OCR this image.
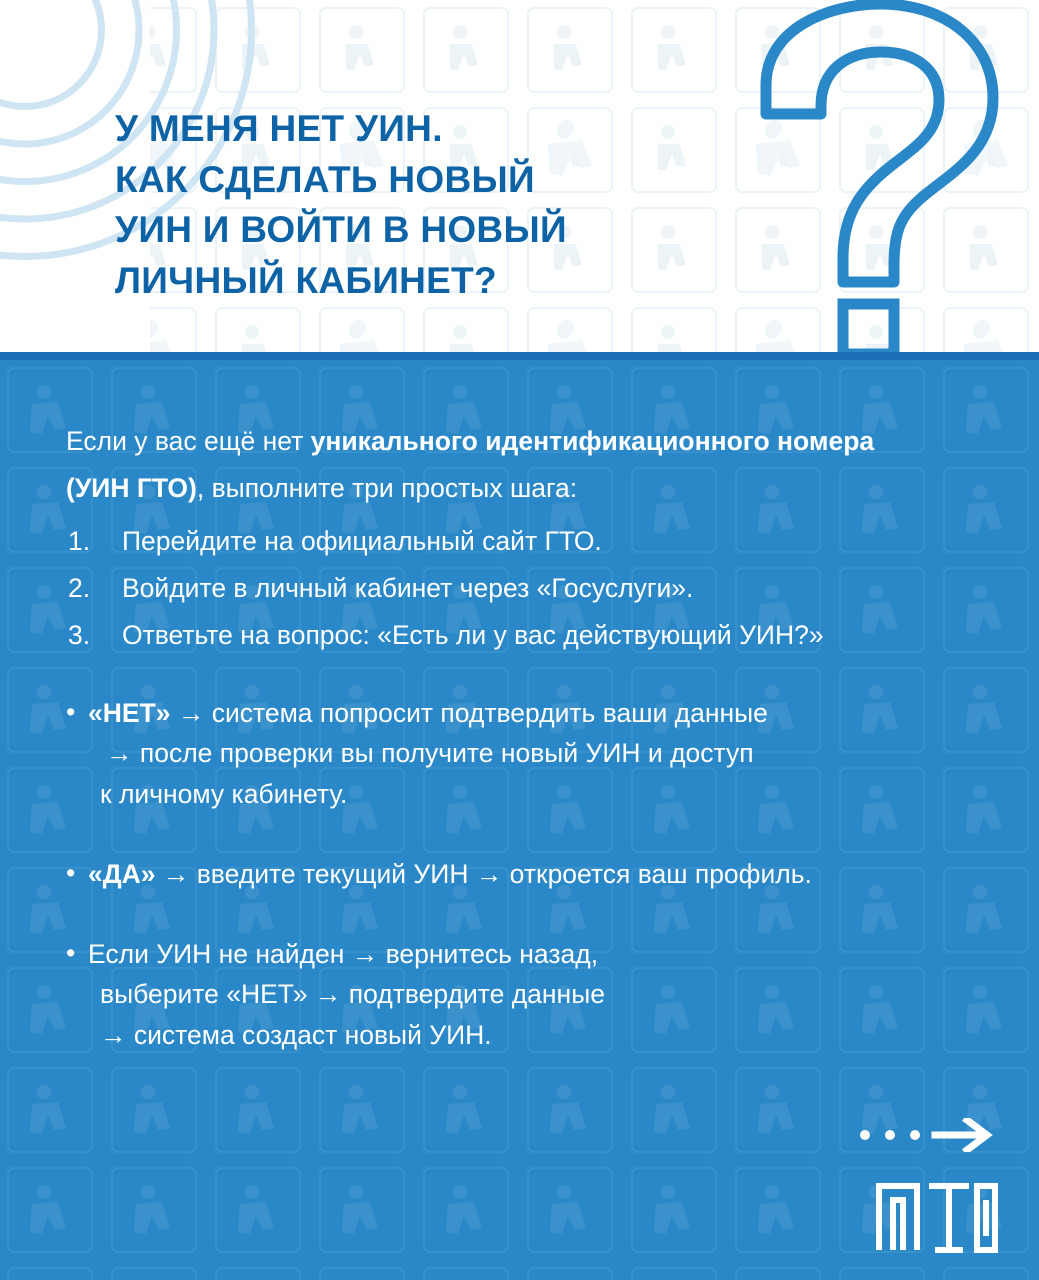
У МЕНЯ НЕТ УИН.
КАК СДЕЛАТЬ НОВЫЙ
УИН И ВОЙТИ В НОВЫЙ
ЛИЧНЫЙ КАБИНЕТ?

Если у вас ещё нет уникального идентификационного номера (УИН ГТО), выполните три простых шага:

Перейдите на официальный сайт ГТО.
Войдите в личный кабинет через «Госуслуги».
Ответьте на вопрос: «Есть ли у вас действующий УИН?»
• «НЕТ» → система попросит подтвердить ваши данные
→ после проверки вы получите новый УИН и доступ
к личному кабинету.
• «ДА» → введите текущий УИН → откроется ваш профиль.
• Если УИН не найден → вернитесь назад,
выберите «НЕТ» → подтвердите данные
→ система создаст новый УИН.
